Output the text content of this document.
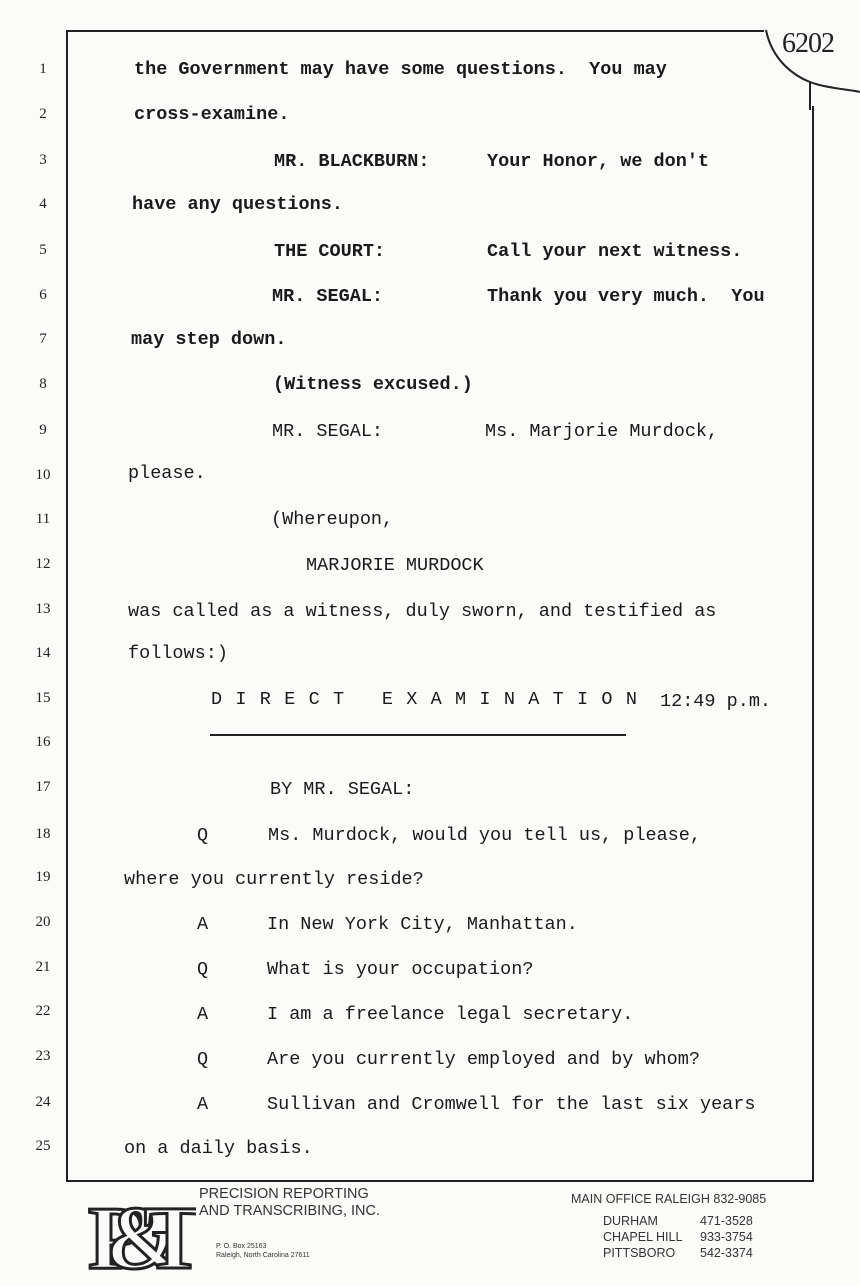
6202
1
2
3
4
5
6
7
8
9
10
11
12
13
14
15
16
17
18
19
20
21
22
23
24
25
the Government may have some questions.  You may
cross-examine.
MR. BLACKBURN:	Your Honor, we don't
have any questions.
THE COURT:	Call your next witness.
MR. SEGAL:	Thank you very much.  You
may step down.
(Witness excused.)
MR. SEGAL:	Ms. Marjorie Murdock,
please.
(Whereupon,
MARJORIE MURDOCK
was called as a witness, duly sworn, and testified as
follows:)
DIRECT EXAMINATION 12:49 p.m.
BY MR. SEGAL:
Q	Ms. Murdock, would you tell us, please,
where you currently reside?
A	In New York City, Manhattan.
Q	What is your occupation?
A	I am a freelance legal secretary.
Q	Are you currently employed and by whom?
A	Sullivan and Cromwell for the last six years
on a daily basis.
P&T PRECISION REPORTING
AND TRANSCRIBING, INC.
P. O. Box 25163
Raleigh, North Carolina 27611
MAIN OFFICE RALEIGH 832-9085
DURHAM	471-3528
CHAPEL HILL 933-3754
PITTSBORO 542-3374
